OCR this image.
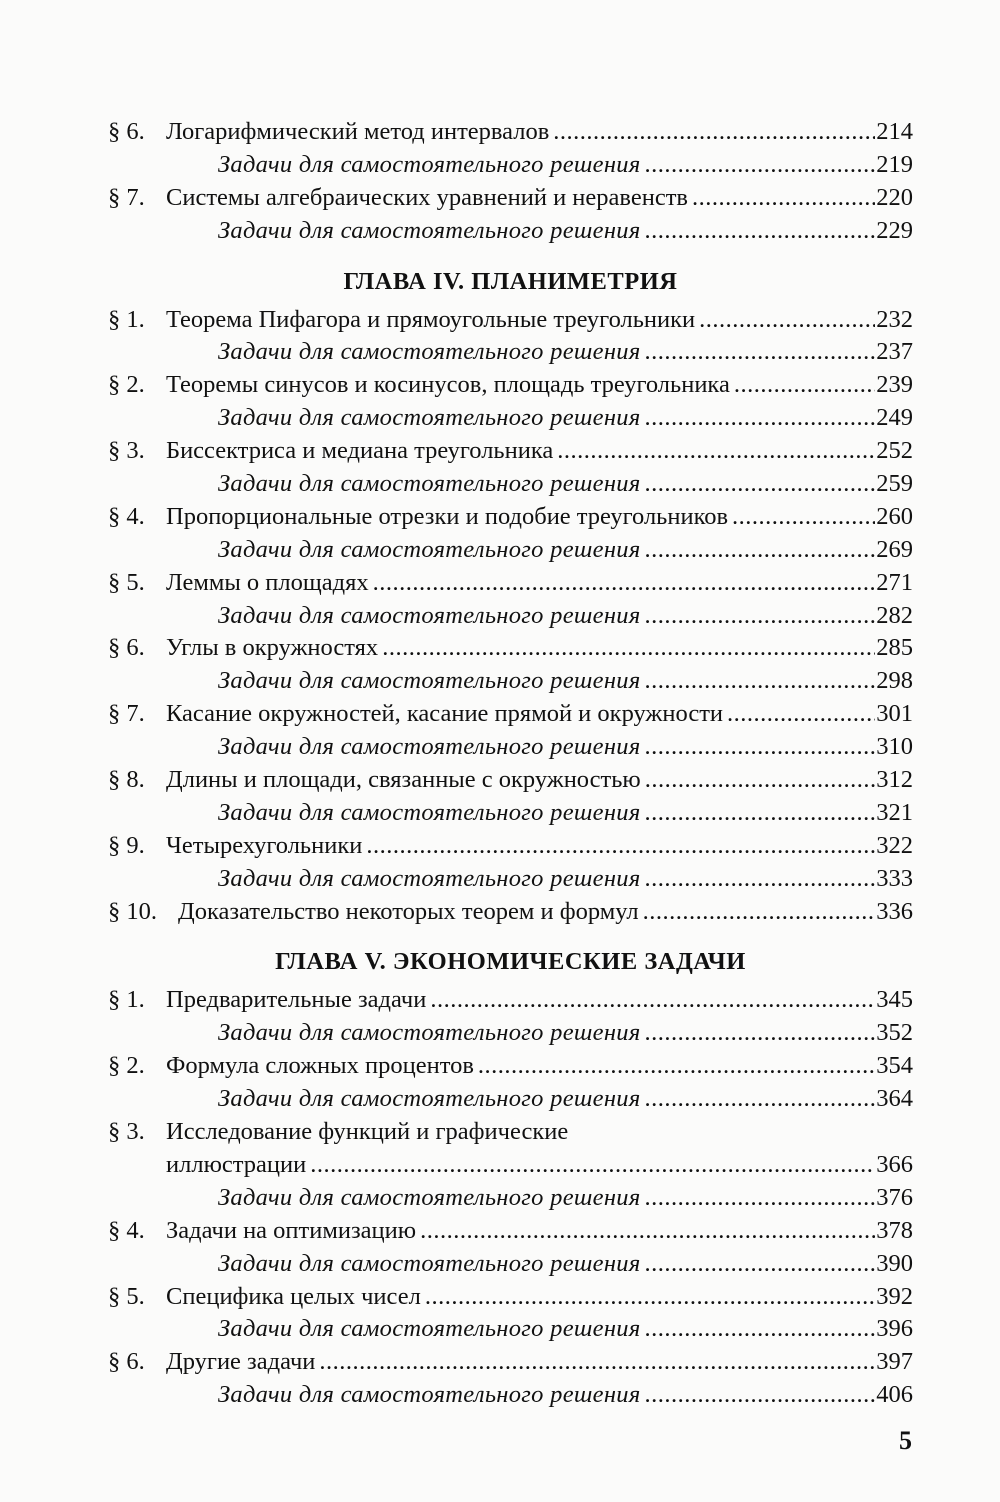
§ 6. Логарифмический метод интервалов .....	214
Задачи для самостоятельного решения .....	219
§ 7. Системы алгебраических уравнений и неравенств .....	220
Задачи для самостоятельного решения .....	229
ГЛАВА IV. ПЛАНИМЕТРИЯ
§ 1. Теорема Пифагора и прямоугольные треугольники .....	232
Задачи для самостоятельного решения .....	237
§ 2. Теоремы синусов и косинусов, площадь треугольника .....	239
Задачи для самостоятельного решения .....	249
§ 3. Биссектриса и медиана треугольника .....	252
Задачи для самостоятельного решения .....	259
§ 4. Пропорциональные отрезки и подобие треугольников .....	260
Задачи для самостоятельного решения .....	269
§ 5. Леммы о площадях .....	271
Задачи для самостоятельного решения .....	282
§ 6. Углы в окружностях .....	285
Задачи для самостоятельного решения .....	298
§ 7. Касание окружностей, касание прямой и окружности .....	301
Задачи для самостоятельного решения .....	310
§ 8. Длины и площади, связанные с окружностью .....	312
Задачи для самостоятельного решения .....	321
§ 9. Четырехугольники .....	322
Задачи для самостоятельного решения .....	333
§ 10. Доказательство некоторых теорем и формул .....	336
ГЛАВА V. ЭКОНОМИЧЕСКИЕ ЗАДАЧИ
§ 1. Предварительные задачи .....	345
Задачи для самостоятельного решения .....	352
§ 2. Формула сложных процентов .....	354
Задачи для самостоятельного решения .....	364
§ 3. Исследование функций и графические
иллюстрации .....	366
Задачи для самостоятельного решения .....	376
§ 4. Задачи на оптимизацию .....	378
Задачи для самостоятельного решения .....	390
§ 5. Специфика целых чисел .....	392
Задачи для самостоятельного решения .....	396
§ 6. Другие задачи .....	397
Задачи для самостоятельного решения .....	406
5
